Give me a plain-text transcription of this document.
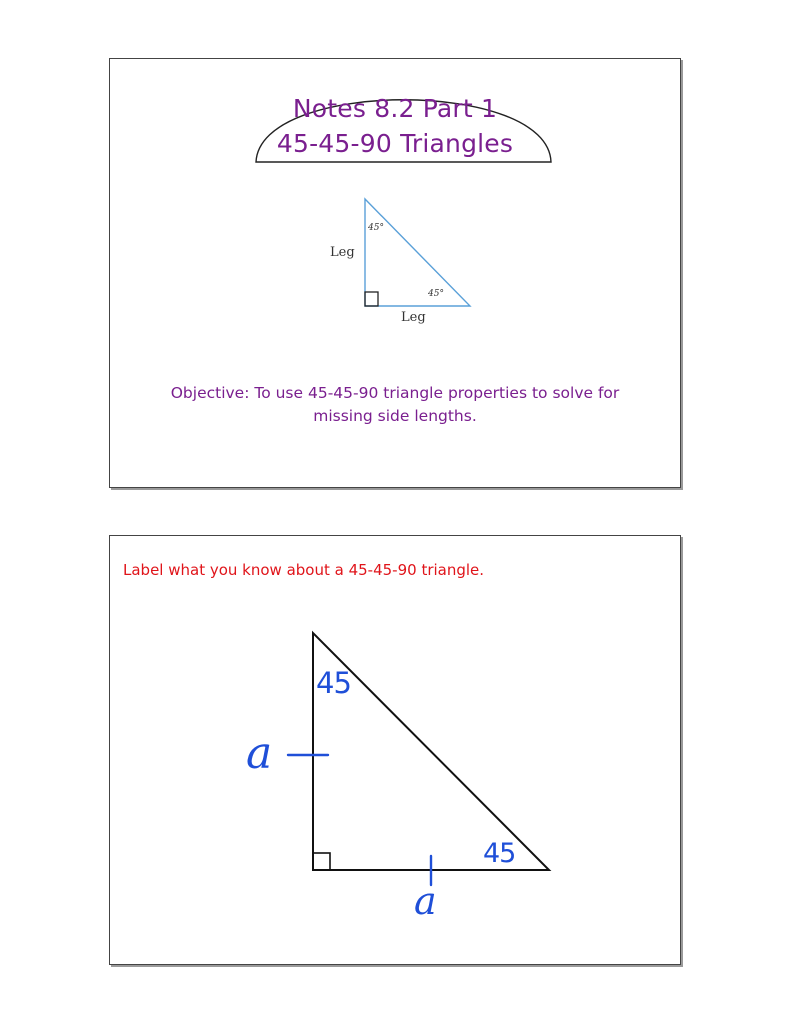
Notes 8.2 Part 1
45-45-90 Triangles
Leg
Leg
45°
45°
Objective: To use 45-45-90 triangle properties to solve for
missing side lengths.
Label what you know about a 45-45-90 triangle.
45
45
a
a
